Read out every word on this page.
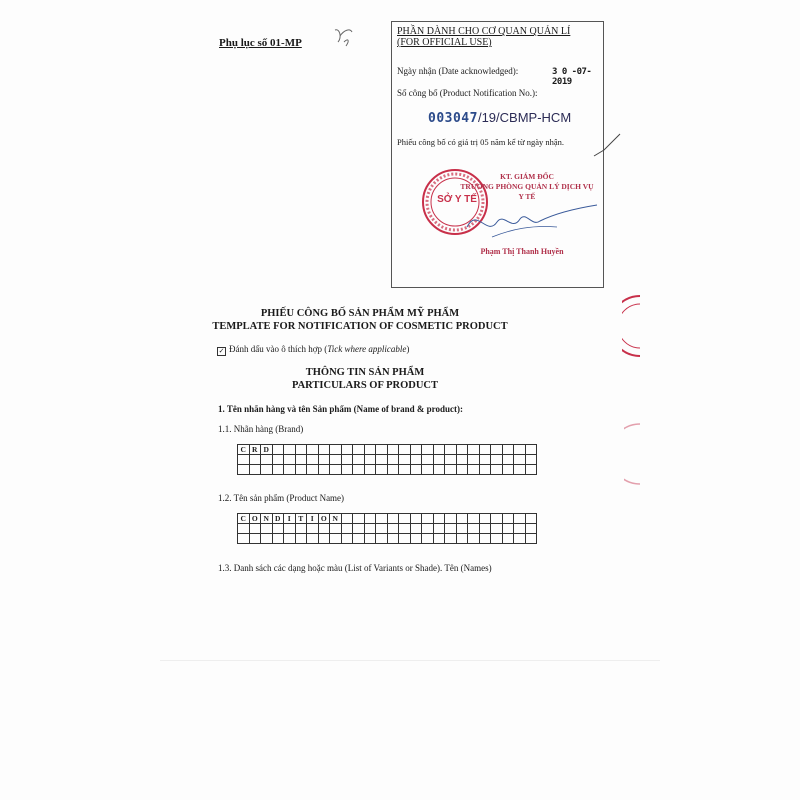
Phụ lục số 01-MP
PHẦN DÀNH CHO CƠ QUAN QUẢN LÍ
(FOR OFFICIAL USE)
Ngày nhận (Date acknowledged):	3 0 -07- 2019
Số công bố (Product Notification No.):
003047/19/CBMP-HCM
Phiếu công bố có giá trị 05 năm kể từ ngày nhận.
SỞ Y TẾ
KT. GIÁM ĐỐC
TRƯỞNG PHÒNG QUẢN LÝ DỊCH VỤ Y TẾ
Phạm Thị Thanh Huyền
PHIẾU CÔNG BỐ SẢN PHẨM MỸ PHẨM
TEMPLATE FOR NOTIFICATION OF COSMETIC PRODUCT
✓ Đánh dấu vào ô thích hợp (Tick where applicable)
THÔNG TIN SẢN PHẨM
PARTICULARS OF PRODUCT
1. Tên nhãn hàng và tên Sản phẩm (Name of brand & product):
1.1. Nhãn hàng (Brand)
C	R	D																							

1.2. Tên sản phẩm (Product Name)
C	O	N	D	I	T	I	O	N																	

1.3. Danh sách các dạng hoặc màu (List of Variants or Shade). Tên (Names)
